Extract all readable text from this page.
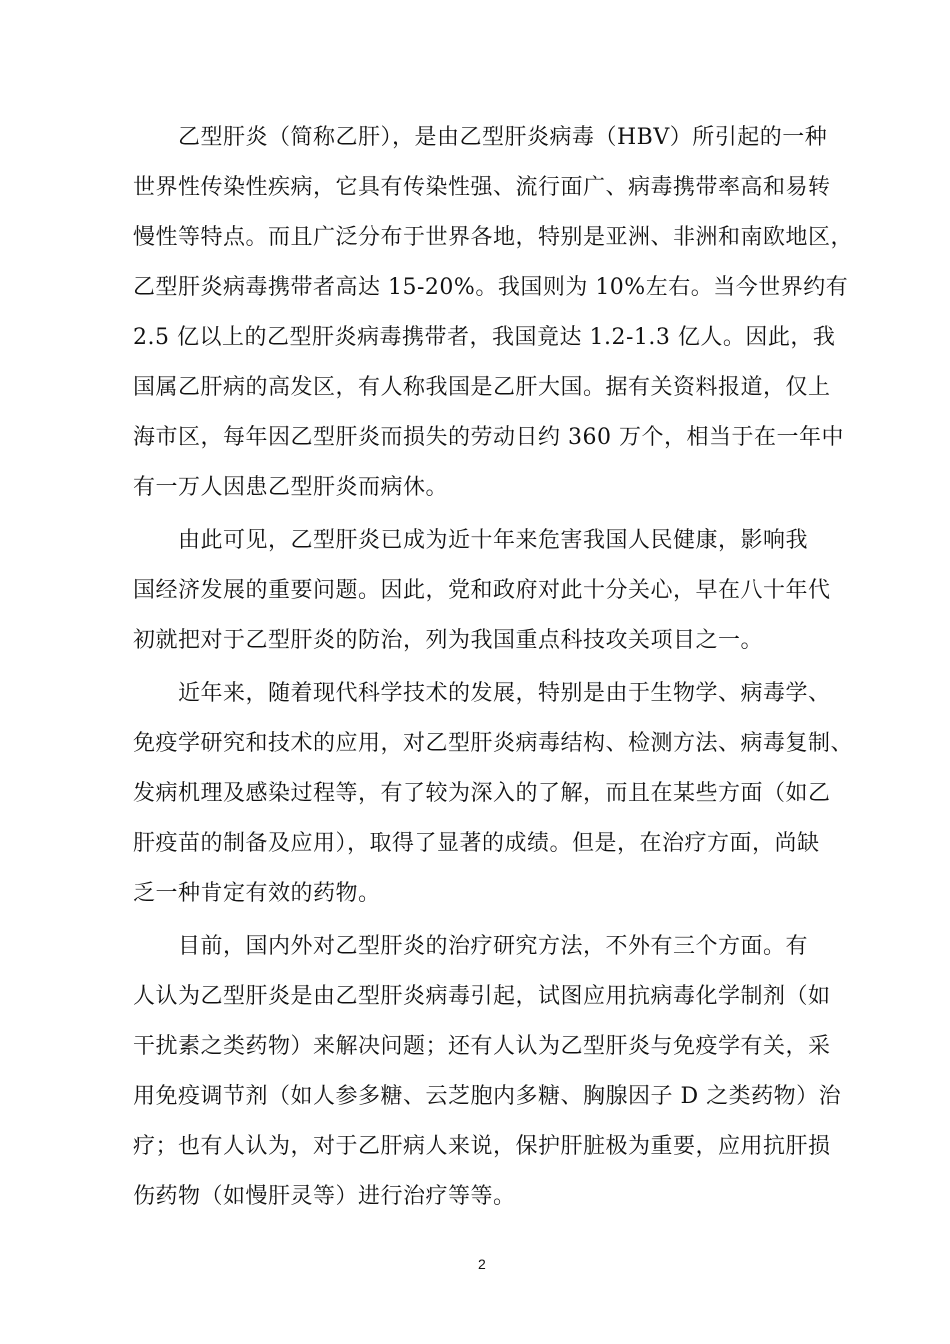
乙型肝炎（简称乙肝），是由乙型肝炎病毒（HBV）所引起的一种
世界性传染性疾病，它具有传染性强、流行面广、病毒携带率高和易转
慢性等特点。而且广泛分布于世界各地，特别是亚洲、非洲和南欧地区，
乙型肝炎病毒携带者高达 15-20%。我国则为 10%左右。当今世界约有
2.5 亿以上的乙型肝炎病毒携带者，我国竟达 1.2-1.3 亿人。因此，我
国属乙肝病的高发区，有人称我国是乙肝大国。据有关资料报道，仅上
海市区，每年因乙型肝炎而损失的劳动日约 360 万个，相当于在一年中
有一万人因患乙型肝炎而病休。
由此可见，乙型肝炎已成为近十年来危害我国人民健康，影响我
国经济发展的重要问题。因此，党和政府对此十分关心，早在八十年代
初就把对于乙型肝炎的防治，列为我国重点科技攻关项目之一。
近年来，随着现代科学技术的发展，特别是由于生物学、病毒学、
免疫学研究和技术的应用，对乙型肝炎病毒结构、检测方法、病毒复制、
发病机理及感染过程等，有了较为深入的了解，而且在某些方面（如乙
肝疫苗的制备及应用），取得了显著的成绩。但是，在治疗方面，尚缺
乏一种肯定有效的药物。
目前，国内外对乙型肝炎的治疗研究方法，不外有三个方面。有
人认为乙型肝炎是由乙型肝炎病毒引起，试图应用抗病毒化学制剂（如
干扰素之类药物）来解决问题；还有人认为乙型肝炎与免疫学有关，采
用免疫调节剂（如人参多糖、云芝胞内多糖、胸腺因子 D 之类药物）治
疗；也有人认为，对于乙肝病人来说，保护肝脏极为重要，应用抗肝损
伤药物（如慢肝灵等）进行治疗等等。
2
